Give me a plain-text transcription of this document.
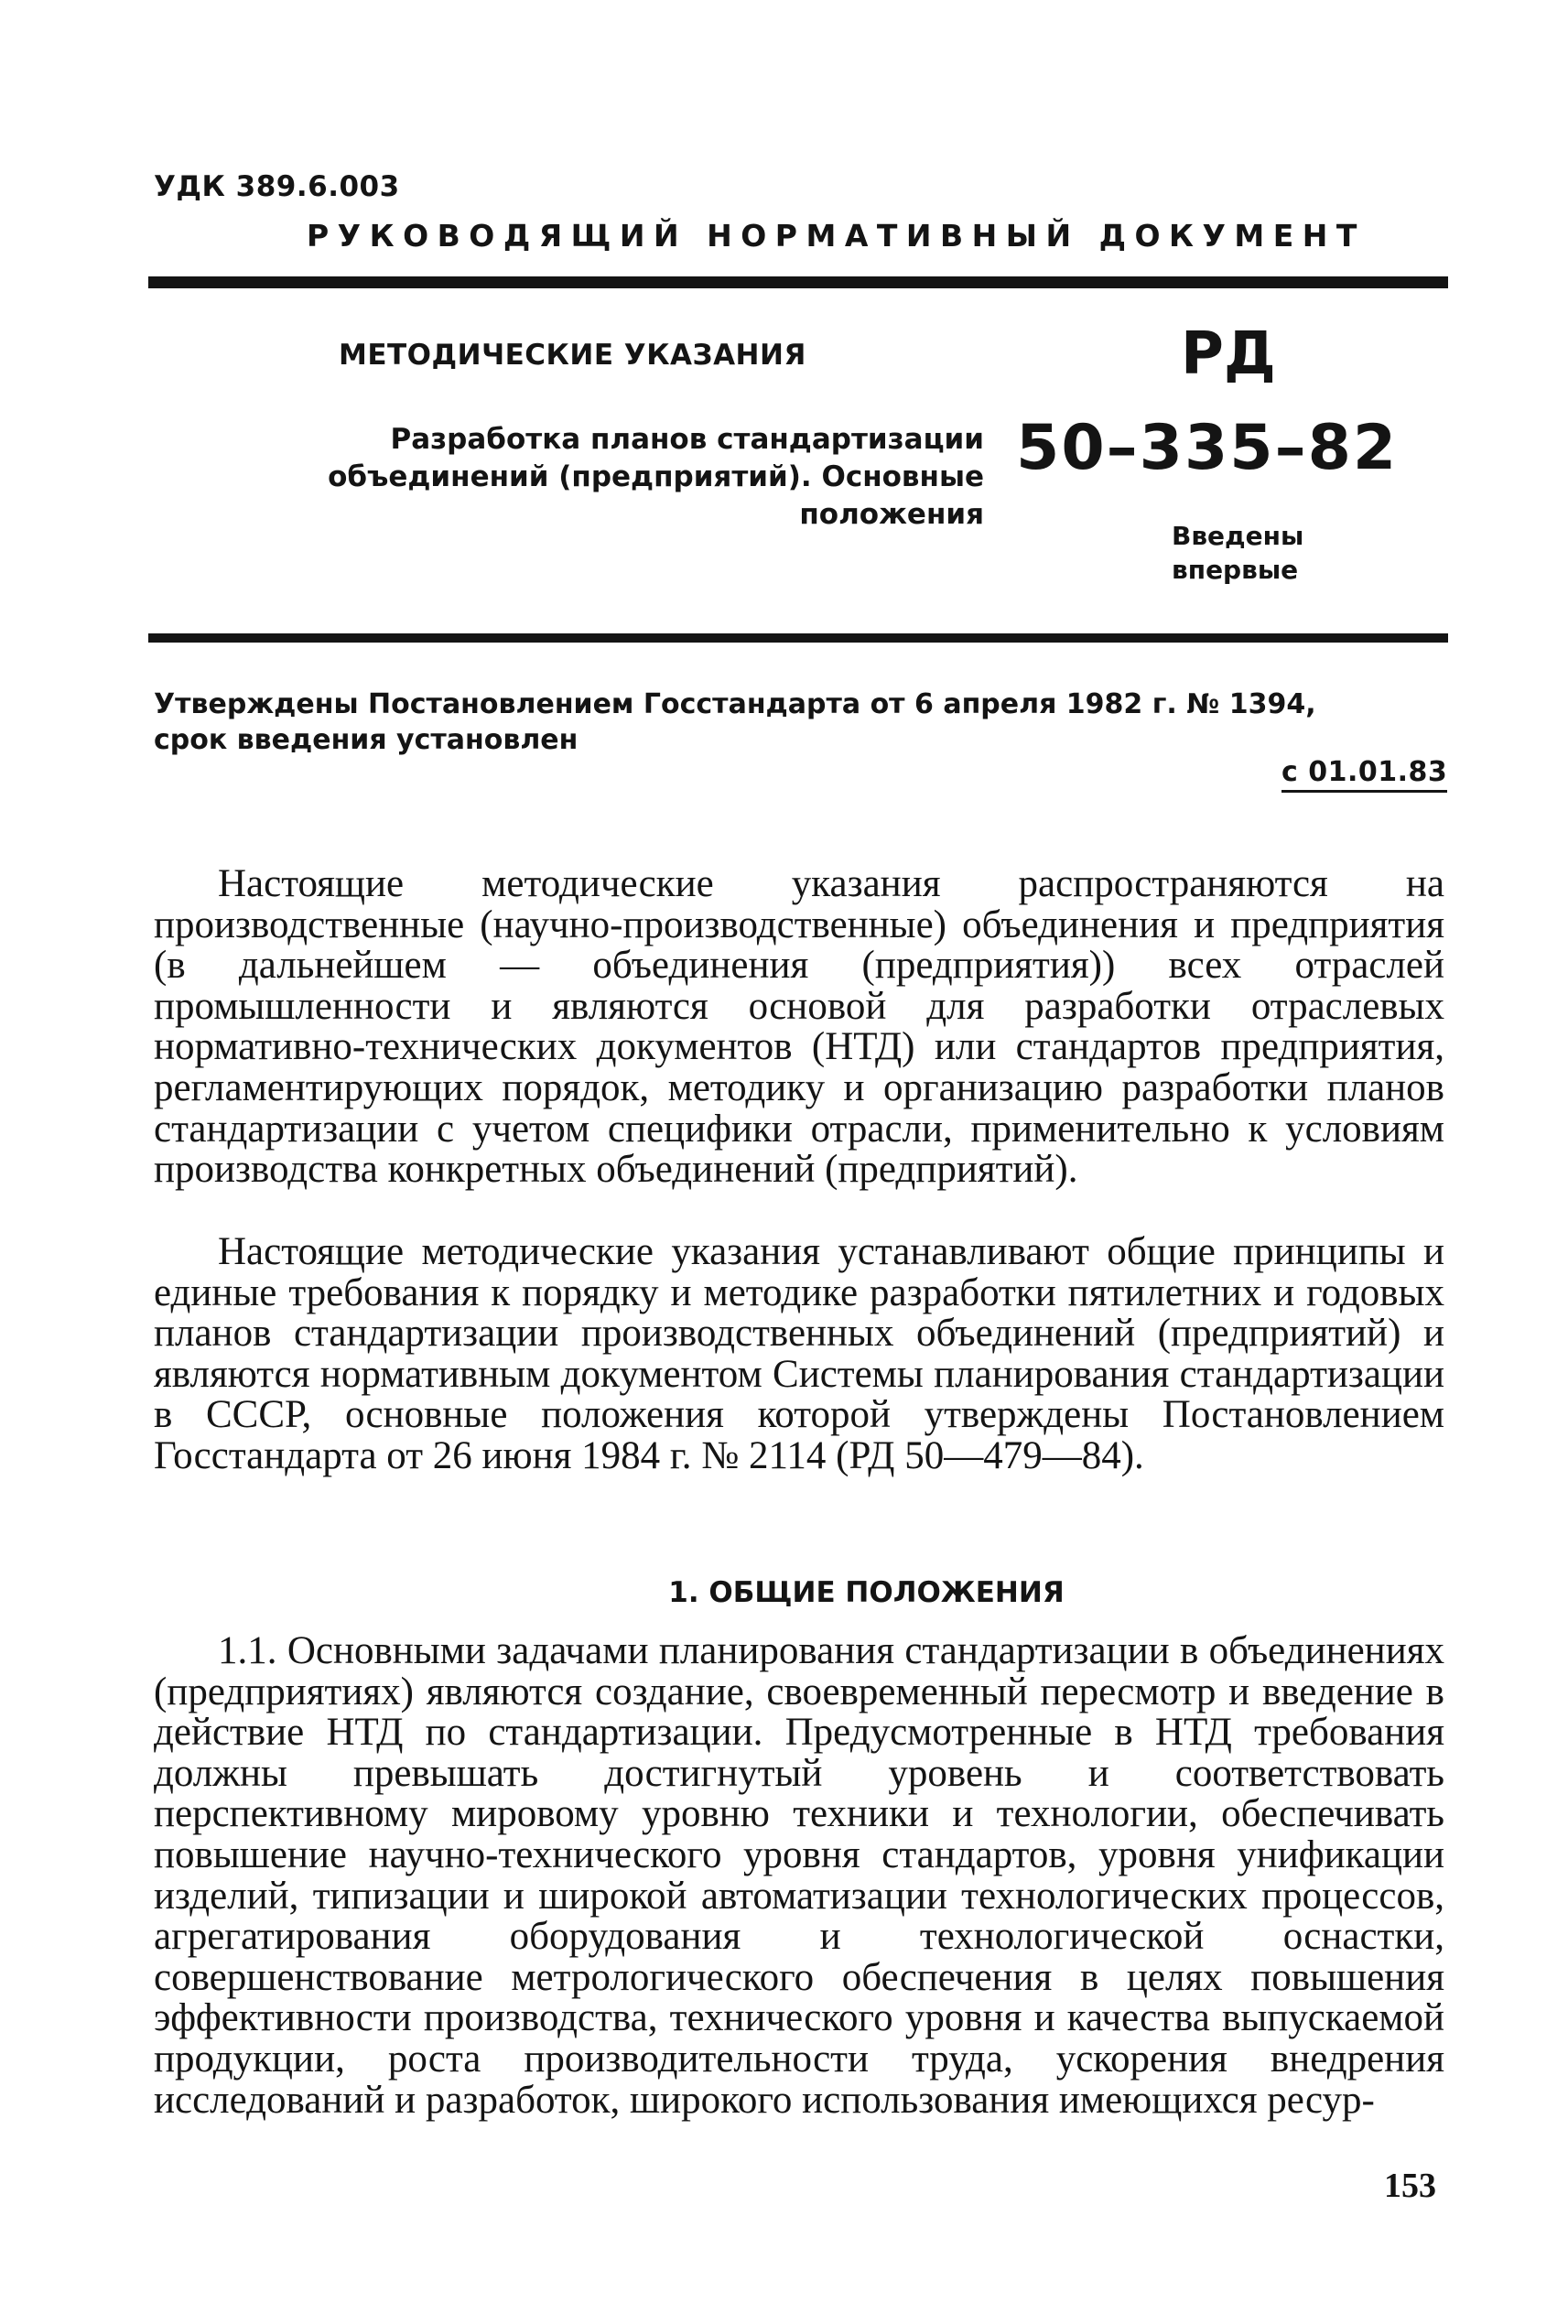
УДК 389.6.003
РУКОВОДЯЩИЙ НОРМАТИВНЫЙ ДОКУМЕНТ
МЕТОДИЧЕСКИЕ УКАЗАНИЯ
Разработка планов стандартизации
объединений (предприятий). Основные положения
РД
50–335–82
Введены
впервые
Утверждены Постановлением Госстандарта от 6 апреля 1982 г. № 1394,
срок введения установлен
с 01.01.83

Настоящие методические указания распространяются на производственные (научно-производственные) объединения и предприятия (в дальнейшем — объединения (предприятия)) всех отраслей промышленности и являются основой для разработки отраслевых нормативно-технических документов (НТД) или стандартов предприятия, регламентирующих порядок, методику и организацию разработки планов стандартизации с учетом специфики отрасли, применительно к условиям производства конкретных объединений (предприятий).

Настоящие методические указания устанавливают общие принципы и единые требования к порядку и методике разработки пятилетних и годовых планов стандартизации производственных объединений (предприятий) и являются нормативным документом Системы планирования стандартизации в СССР, основные положения которой утверждены Постановлением Госстандарта от 26 июня 1984 г. № 2114 (РД 50—479—84).

1. ОБЩИЕ ПОЛОЖЕНИЯ

1.1. Основными задачами планирования стандартизации в объединениях (предприятиях) являются создание, своевременный пересмотр и введение в действие НТД по стандартизации. Предусмотренные в НТД требования должны превышать достигнутый уровень и соответствовать перспективному мировому уровню техники и технологии, обеспечивать повышение научно-технического уровня стандартов, уровня унификации изделий, типизации и широкой автоматизации технологических процессов, агрегатирования оборудования и технологической оснастки, совершенствование метрологического обеспечения в целях повышения эффективности производства, технического уровня и качества выпускаемой продукции, роста производительности труда, ускорения внедрения исследований и разработок, широкого использования имеющихся ресур-

153
